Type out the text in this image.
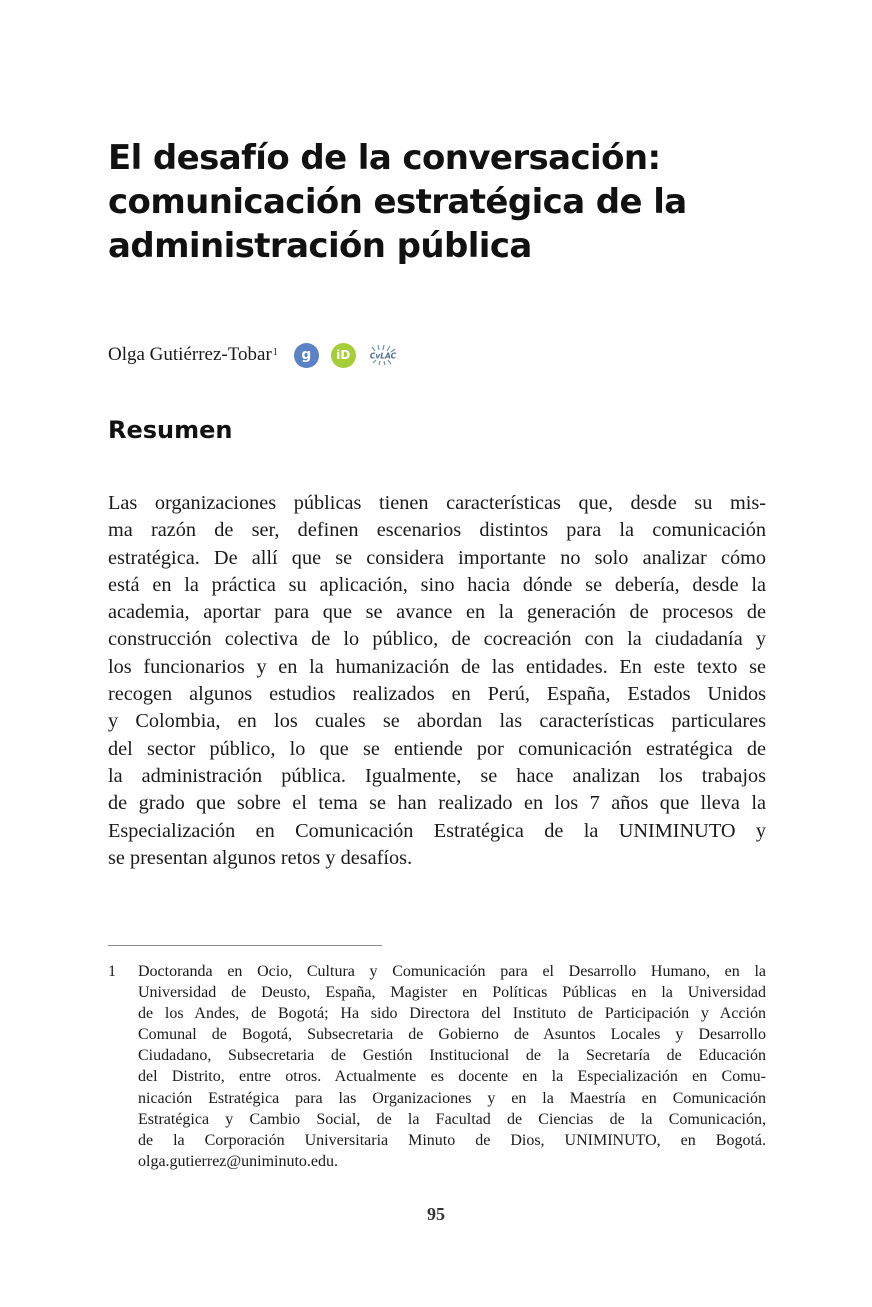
El desafío de la conversación:
comunicación estratégica de la
administración pública
Olga Gutiérrez-Tobar$^1$ g iD	CvLAC
Resumen
Las organizaciones públicas tienen características que, desde su mis-
ma razón de ser, definen escenarios distintos para la comunicación
estratégica. De allí que se considera importante no solo analizar cómo
está en la práctica su aplicación, sino hacia dónde se debería, desde la
academia, aportar para que se avance en la generación de procesos de
construcción colectiva de lo público, de cocreación con la ciudadanía y
los funcionarios y en la humanización de las entidades. En este texto se
recogen algunos estudios realizados en Perú, España, Estados Unidos
y Colombia, en los cuales se abordan las características particulares
del sector público, lo que se entiende por comunicación estratégica de
la administración pública. Igualmente, se hace analizan los trabajos
de grado que sobre el tema se han realizado en los 7 años que lleva la
Especialización en Comunicación Estratégica de la UNIMINUTO y
se presentan algunos retos y desafíos.
1	Doctoranda en Ocio, Cultura y Comunicación para el Desarrollo Humano, en la
Universidad de Deusto, España, Magister en Políticas Públicas en la Universidad
de los Andes, de Bogotá; Ha sido Directora del Instituto de Participación y Acción
Comunal de Bogotá, Subsecretaria de Gobierno de Asuntos Locales y Desarrollo
Ciudadano, Subsecretaria de Gestión Institucional de la Secretaría de Educación
del Distrito, entre otros. Actualmente es docente en la Especialización en Comu-
nicación Estratégica para las Organizaciones y en la Maestría en Comunicación
Estratégica y Cambio Social, de la Facultad de Ciencias de la Comunicación,
de la Corporación Universitaria Minuto de Dios, UNIMINUTO, en Bogotá.
olga.gutierrez@uniminuto.edu.
95
